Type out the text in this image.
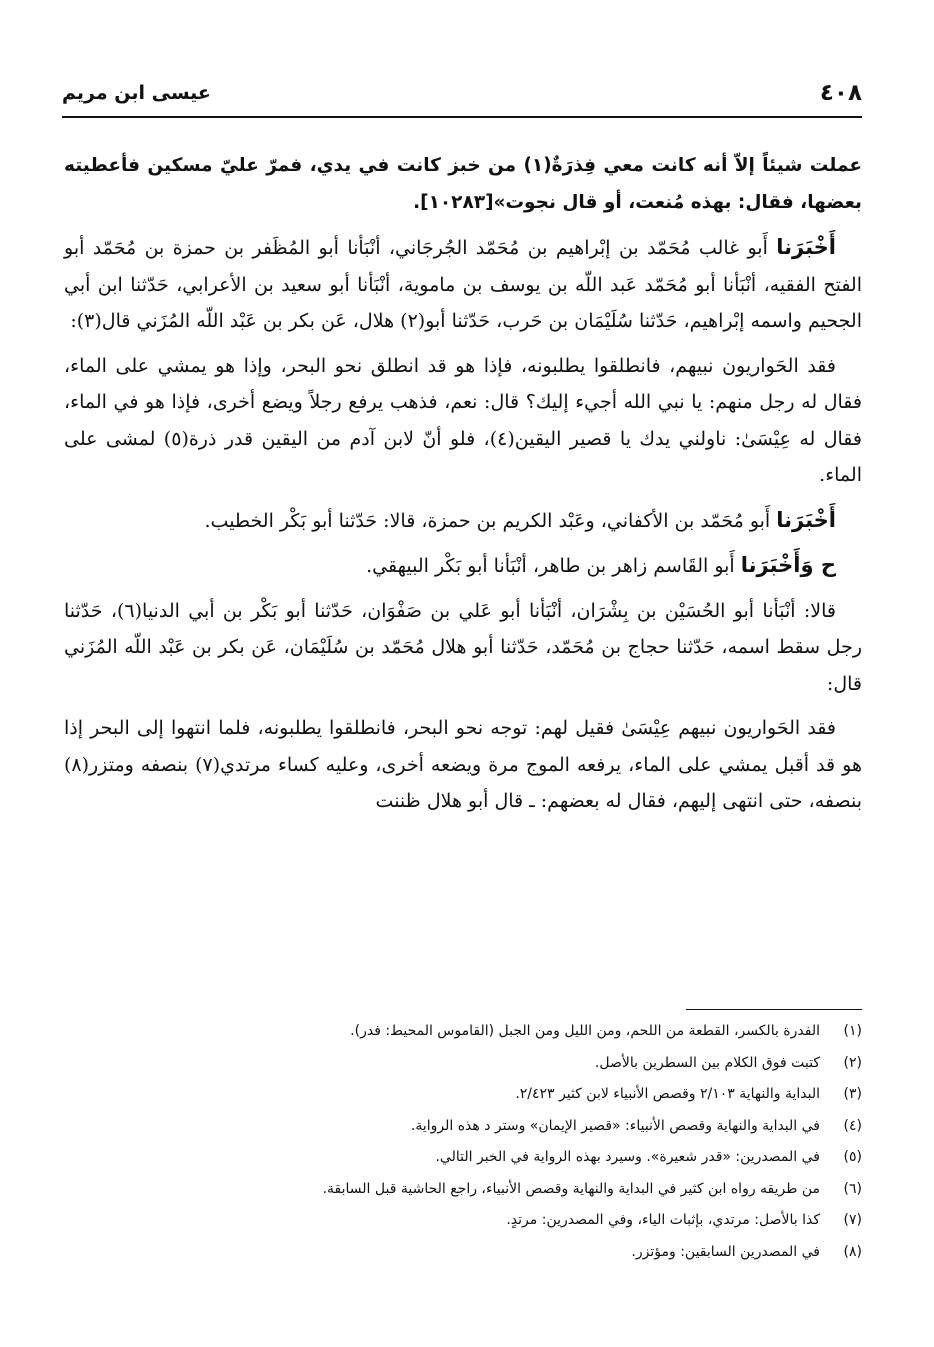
٤٠٨
عيسى ابن مريم

عملت شيئاً إلاّ أنه كانت معي فِذرَةٌ(١) من خبز كانت في يدي، فمرّ عليّ مسكين فأعطيته بعضها، فقال: بهذه مُنعت، أو قال نجوت»[١٠٢٨٣].

أَخْبَرَنا أَبو غالب مُحَمّد بن إبْراهيم بن مُحَمّد الجُرجَاني، أنْبَأنا أبو المُظَفر بن حمزة بن مُحَمّد أبو الفتح الفقيه، أنْبَأنا أبو مُحَمّد عَبد اللّه بن يوسف بن ماموية، أنْبَأنا أبو سعيد بن الأعرابي، حَدّثنا ابن أبي الجحيم واسمه إبْراهيم، حَدّثنا سُلَيْمَان بن حَرب، حَدّثنا أبو(٢) هلال، عَن بكر بن عَبْد اللّه المُزَني قال(٣):

فقد الحَواريون نبيهم، فانطلقوا يطلبونه، فإذا هو قد انطلق نحو البحر، وإذا هو يمشي على الماء، فقال له رجل منهم: يا نبي الله أجيء إليك؟ قال: نعم، فذهب يرفع رجلاً ويضع أخرى، فإذا هو في الماء، فقال له عِيْسَىٰ: ناولني يدك يا قصير اليقين(٤)، فلو أنّ لابن آدم من اليقين قدر ذرة(٥) لمشى على الماء.

أَخْبَرَنا أَبو مُحَمّد بن الأكفاني، وعَبْد الكريم بن حمزة، قالا: حَدّثنا أبو بَكْر الخطيب.

ح وَأَخْبَرَنا أَبو القَاسم زاهر بن طاهر، أنْبَأنا أبو بَكْر البيهقي.

قالا: أنْبَأنا أبو الحُسَيْن بن بِشْرَان، أنْبَأنا أبو عَلي بن صَفْوَان، حَدّثنا أبو بَكْر بن أبي الدنيا(٦)، حَدّثنا رجل سقط اسمه، حَدّثنا حجاج بن مُحَمّد، حَدّثنا أبو هلال مُحَمّد بن سُلَيْمَان، عَن بكر بن عَبْد اللّه المُزَني قال:

فقد الحَواريون نبيهم عِيْسَىٰ فقيل لهم: توجه نحو البحر، فانطلقوا يطلبونه، فلما انتهوا إلى البحر إذا هو قد أقبل يمشي على الماء، يرفعه الموج مرة ويضعه أخرى، وعليه كساء مرتدي(٧) بنصفه ومتزر(٨) بنصفه، حتى انتهى إليهم، فقال له بعضهم: ـ قال أبو هلال ظننت

(١)
الفدرة بالكسر، القطعة من اللحم، ومن الليل ومن الجبل (القاموس المحيط: فدر).
(٢)
كتبت فوق الكلام بين السطرين بالأصل.
(٣)
البداية والنهاية ٢/١٠٣ وقصص الأنبياء لابن كثير ٢/٤٢٣.
(٤)
في البداية والنهاية وقصص الأنبياء: «قصير الإيمان» وستر د هذه الرواية.
(٥)
في المصدرين: «قدر شعيرة». وسيرد بهذه الرواية في الخبر التالي.
(٦)
من طريقه رواه ابن كثير في البداية والنهاية وقصص الأنبياء، راجع الحاشية قبل السابقة.
(٧)
كذا بالأصل: مرتدي، بإثبات الياء، وفي المصدرين: مرتدٍ.
(٨)
في المصدرين السابقين: ومؤتزر.
